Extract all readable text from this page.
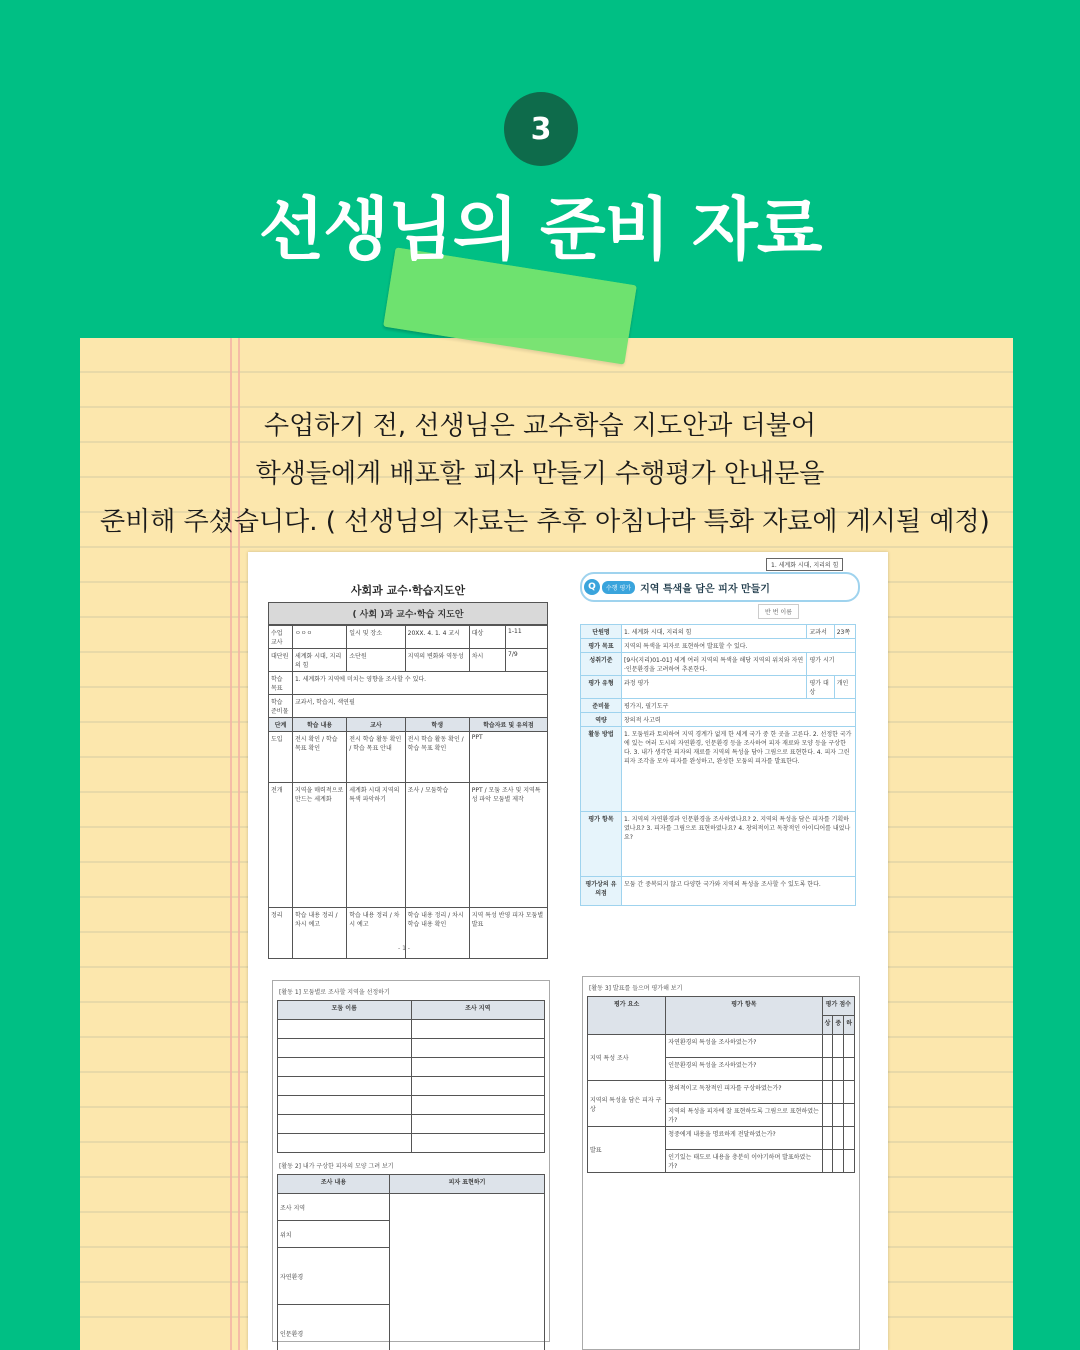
3
선생님의 준비 자료
수업하기 전, 선생님은 교수학습 지도안과 더불어
학생들에게 배포할 피자 만들기 수행평가 안내문을
준비해 주셨습니다. ( 선생님의 자료는 추후 아침나라 특화 자료에 게시될 예정)
사회과 교수·학습지도안
( 사회 )과 교수·학습 지도안
수업 교사	ㅇㅇㅇ	일시 및 장소	20XX. 4. 1. 4 교시	대상	1-11
대단원	세계화 시대, 지리의 힘	소단원	지역의 변화와 역동성	차시	7/9
학습 목표	1. 세계화가 지역에 미치는 영향을 조사할 수 있다.				
학습 준비물	교과서, 학습지, 색연필				
단계	학습 내용	교사	학생	학습자료 및 유의점	
도입	전시 확인 / 학습 목표 확인	전시 학습 활동 확인 / 학습 목표 안내	전시 학습 활동 확인 / 학습 목표 확인	PPT	
전개	지역을 매력적으로 만드는 세계화	세계화 시대 지역의 특색 파악하기	조사 / 모둠학습	PPT / 모둠 조사 및 지역특성 파악 모둠별 제작	
정리	학습 내용 정리 / 차시 예고	학습 내용 정리 / 차시 예고	학습 내용 정리 / 차시 학습 내용 확인	지역 특성 반영 피자 모둠별 발표	
- 1 -
1. 세계화 시대, 지리의 힘
Q	수행 평가 지역 특색을 담은 피자 만들기
반 번 이름
단원명	1. 세계화 시대, 지리의 힘	교과서	23쪽
평가 목표	지역의 특색을 피자로 표현하여 발표할 수 있다.		
성취기준	[9사(지리)01-01] 세계 여러 지역의 특색을 해당 지역의 위치와 자연·인문환경을 고려하여 추론한다.	평가 시기	
평가 유형	과정 평가	평가 대상	개인
준비물	평가지, 필기도구		
역량	창의적 사고력		
활동 방법	1. 모둠원과 토의하여 지역 경계가 없게 한 세계 국가 중 한 곳을 고른다. 2. 선정한 국가에 있는 여러 도시의 자연환경, 인문환경 등을 조사하여 피자 재료와 모양 등을 구상한다. 3. 내가 생각한 피자의 재료를 지역의 특성을 담아 그림으로 표현한다. 4. 피자 그린 피자 조각을 모아 피자를 완성하고, 완성한 모둠의 피자를 발표한다.		
평가 항목	1. 지역의 자연환경과 인문환경을 조사하였나요? 2. 지역의 특성을 담은 피자를 기획하였나요? 3. 피자를 그림으로 표현하였나요? 4. 창의적이고 독창적인 아이디어를 내었나요?		
평가상의 유의점	모둠 간 중복되지 않고 다양한 국가와 지역의 특성을 조사할 수 있도록 한다.		
[활동 1] 모둠별로 조사할 지역을 선정하기
모둠 이름	조사 지역

[활동 2] 내가 구상한 피자의 모양 그려 보기
조사 내용	피자 표현하기
조사 지역	
위치	
자연환경	
인문환경	
[활동 3] 발표를 들으며 평가해 보기
평가 요소	평가 항목	평가 점수		
		상	중	하
지역 특성 조사	자연환경의 특성을 조사하였는가?			
	인문환경의 특성을 조사하였는가?			
지역의 특성을 담은 피자 구상	창의적이고 독창적인 피자를 구상하였는가?			
	지역의 특성을 피자에 잘 표현하도록 그림으로 표현하였는가?			
발표	청중에게 내용을 명료하게 전달하였는가?			
	인기있는 태도로 내용을 충분히 이야기하며 발표하였는가?			
